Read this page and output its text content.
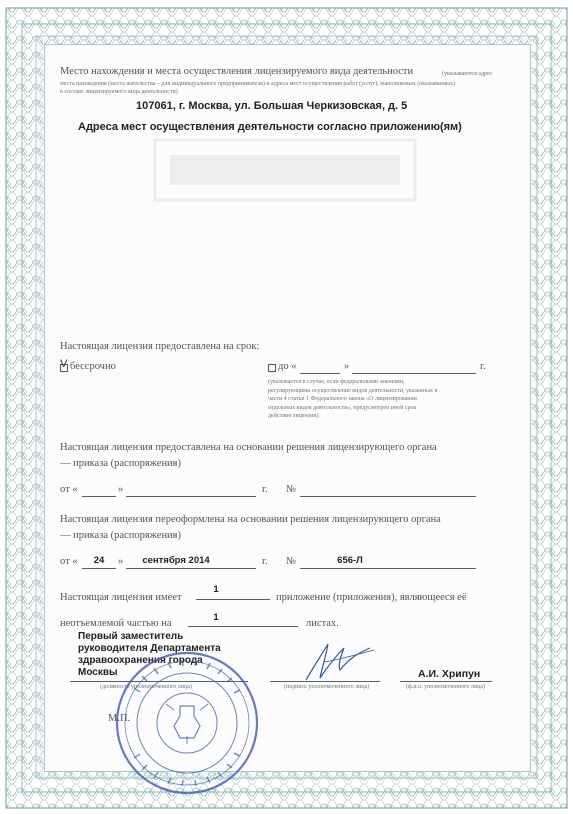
Место нахождения и места осуществления лицензируемого вида деятельности	(указываются адрес
места нахождения (места жительства – для индивидуального предпринимателя) и адреса мест осуществления работ (услуг), выполняемых (оказываемых)
в составе лицензируемого вида деятельности)
107061, г. Москва, ул. Большая Черкизовская, д. 5
Адреса мест осуществления деятельности согласно приложению(ям)
Настоящая лицензия предоставлена на срок:
V бессрочно	до «	»	г.
(указывается в случае, если федеральными законами, регулирующими осуществление видов деятельности, указанных в части 4 статьи 1 Федерального закона «О лицензировании отдельных видов деятельности», предусмотрен иной срок действия лицензии)
Настоящая лицензия предоставлена на основании решения лицензирующего органа
— приказа (распоряжения)
от «	»	г. №
Настоящая лицензия переоформлена на основании решения лицензирующего органа
— приказа (распоряжения)
от «	24	»	сентября 2014	г. №	656-Л
Настоящая лицензия имеет
1
приложение (приложения), являющееся её
неотъемлемой частью на
1
листах.
Первый заместитель
руководителя Департамента
здравоохранения города
Москвы
(должность уполномоченного лица)	(подпись уполномоченного лица)
А.И. Хрипун
(ф.и.о. уполномоченного лица)
М.П.
